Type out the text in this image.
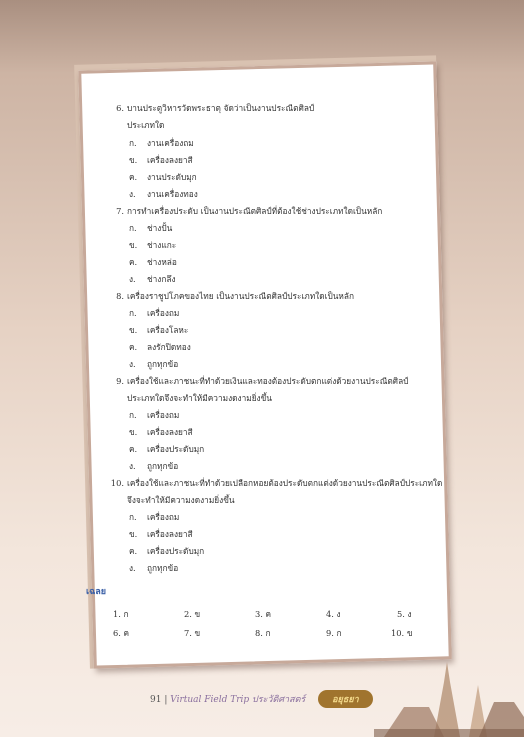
6. บานประตูวิหารวัดพระธาตุ จัดว่าเป็นงานประณีตศิลป์
ประเภทใด
ก. งานเครื่องถม
ข. เครื่องลงยาสี
ค. งานประดับมุก
ง. งานเครื่องทอง
7. การทำเครื่องประดับ เป็นงานประณีตศิลป์ที่ต้องใช้ช่างประเภทใดเป็นหลัก
ก. ช่างปั้น
ข. ช่างแกะ
ค. ช่างหล่อ
ง. ช่างกลึง
8. เครื่องราชูปโภคของไทย เป็นงานประณีตศิลป์ประเภทใดเป็นหลัก
ก. เครื่องถม
ข. เครื่องโลหะ
ค. ลงรักปิดทอง
ง. ถูกทุกข้อ
9. เครื่องใช้และภาชนะที่ทำด้วยเงินและทองต้องประดับตกแต่งด้วยงานประณีตศิลป์
ประเภทใดจึงจะทำให้มีความงดงามยิ่งขึ้น
ก. เครื่องถม
ข. เครื่องลงยาสี
ค. เครื่องประดับมุก
ง. ถูกทุกข้อ
10. เครื่องใช้และภาชนะที่ทำด้วยเปลือกหอยต้องประดับตกแต่งด้วยงานประณีตศิลป์ประเภทใด
จึงจะทำให้มีความงดงามยิ่งขึ้น
ก. เครื่องถม
ข. เครื่องลงยาสี
ค. เครื่องประดับมุก
ง. ถูกทุกข้อ
เฉลย
1. ก	2. ข	3. ค	4. ง	5. ง
6. ค	7. ข	8. ก	9. ก	10. ข
91 | Virtual Field Trip ประวัติศาสตร์	อยุธยา
